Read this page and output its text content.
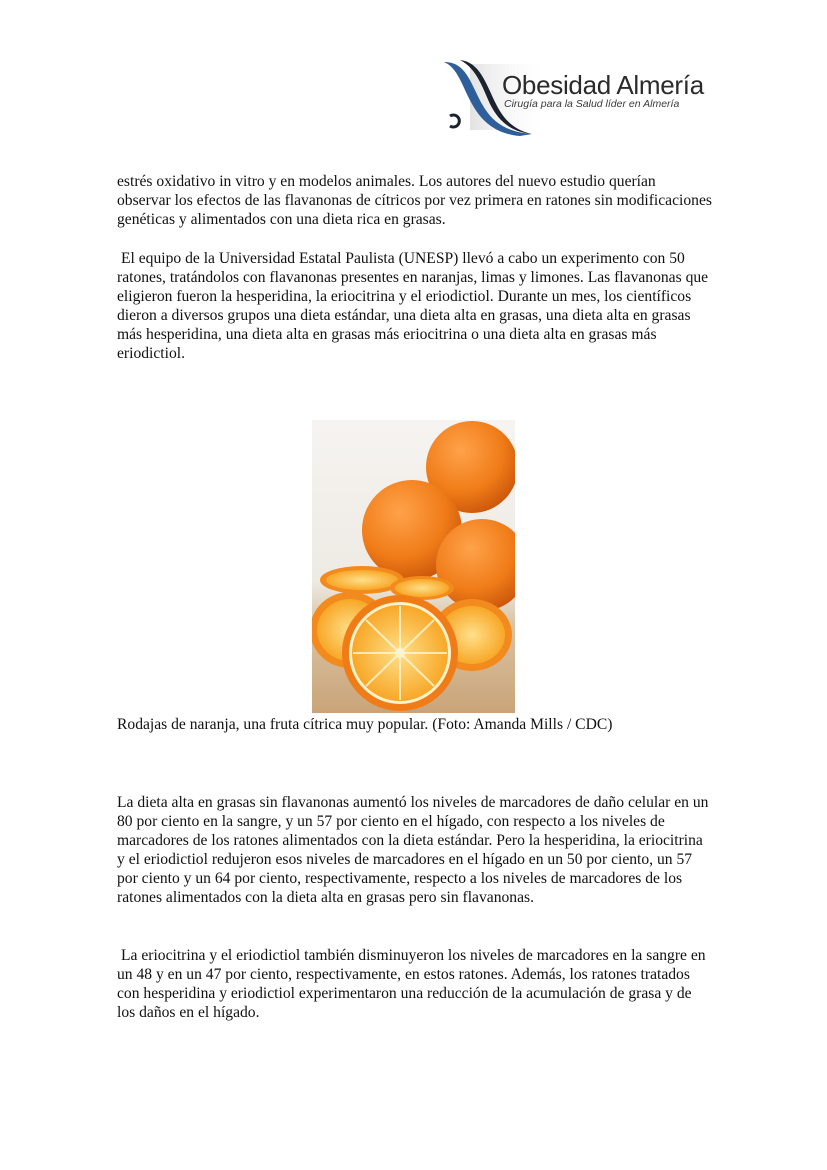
Obesidad Almería
Cirugía para la Salud líder en Almería

estrés oxidativo in vitro y en modelos animales. Los autores del nuevo estudio querían observar los efectos de las flavanonas de cítricos por vez primera en ratones sin modificaciones genéticas y alimentados con una dieta rica en grasas.

El equipo de la Universidad Estatal Paulista (UNESP) llevó a cabo un experimento con 50 ratones, tratándolos con flavanonas presentes en naranjas, limas y limones. Las flavanonas que eligieron fueron la hesperidina, la eriocitrina y el eriodictiol. Durante un mes, los científicos dieron a diversos grupos una dieta estándar, una dieta alta en grasas, una dieta alta en grasas más hesperidina, una dieta alta en grasas más eriocitrina o una dieta alta en grasas más eriodictiol.

Rodajas de naranja, una fruta cítrica muy popular. (Foto: Amanda Mills / CDC)

La dieta alta en grasas sin flavanonas aumentó los niveles de marcadores de daño celular en un 80 por ciento en la sangre, y un 57 por ciento en el hígado, con respecto a los niveles de marcadores de los ratones alimentados con la dieta estándar. Pero la hesperidina, la eriocitrina y el eriodictiol redujeron esos niveles de marcadores en el hígado en un 50 por ciento, un 57 por ciento y un 64 por ciento, respectivamente, respecto a los niveles de marcadores de los ratones alimentados con la dieta alta en grasas pero sin flavanonas.

La eriocitrina y el eriodictiol también disminuyeron los niveles de marcadores en la sangre en un 48 y en un 47 por ciento, respectivamente, en estos ratones. Además, los ratones tratados con hesperidina y eriodictiol experimentaron una reducción de la acumulación de grasa y de los daños en el hígado.
